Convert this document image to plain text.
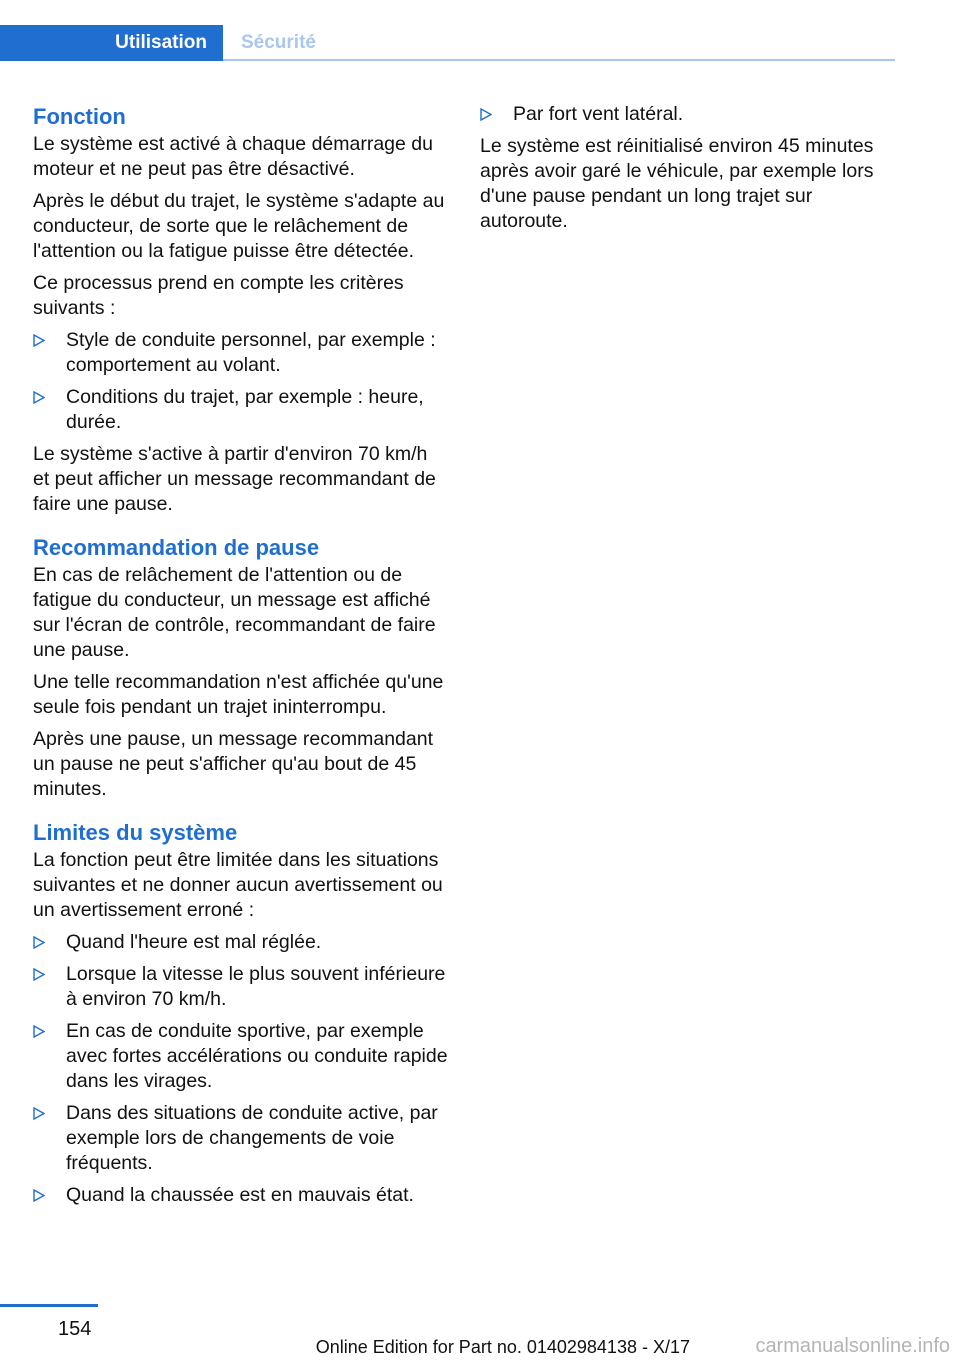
Utilisation Sécurité
Fonction

Le système est activé à chaque démarrage du moteur et ne peut pas être désactivé.

Après le début du trajet, le système s'adapte au conducteur, de sorte que le relâchement de l'attention ou la fatigue puisse être détectée.

Ce processus prend en compte les critères suivants :

Style de conduite personnel, par exemple : comportement au volant.
Conditions du trajet, par exemple : heure, durée.

Le système s'active à partir d'environ 70 km/h et peut afficher un message recommandant de faire une pause.

Recommandation de pause

En cas de relâchement de l'attention ou de fatigue du conducteur, un message est affiché sur l'écran de contrôle, recommandant de faire une pause.

Une telle recommandation n'est affichée qu'une seule fois pendant un trajet ininterrompu.

Après une pause, un message recommandant un pause ne peut s'afficher qu'au bout de 45 minutes.

Limites du système

La fonction peut être limitée dans les situations suivantes et ne donner aucun avertissement ou un avertissement erroné :

Quand l'heure est mal réglée.
Lorsque la vitesse le plus souvent inférieure à environ 70 km/h.
En cas de conduite sportive, par exemple avec fortes accélérations ou conduite rapide dans les virages.
Dans des situations de conduite active, par exemple lors de changements de voie fréquents.
Quand la chaussée est en mauvais état.
Par fort vent latéral.

Le système est réinitialisé environ 45 minutes après avoir garé le véhicule, par exemple lors d'une pause pendant un long trajet sur autoroute.

154
Online Edition for Part no. 01402984138 - X/17	carmanualsonline.info
